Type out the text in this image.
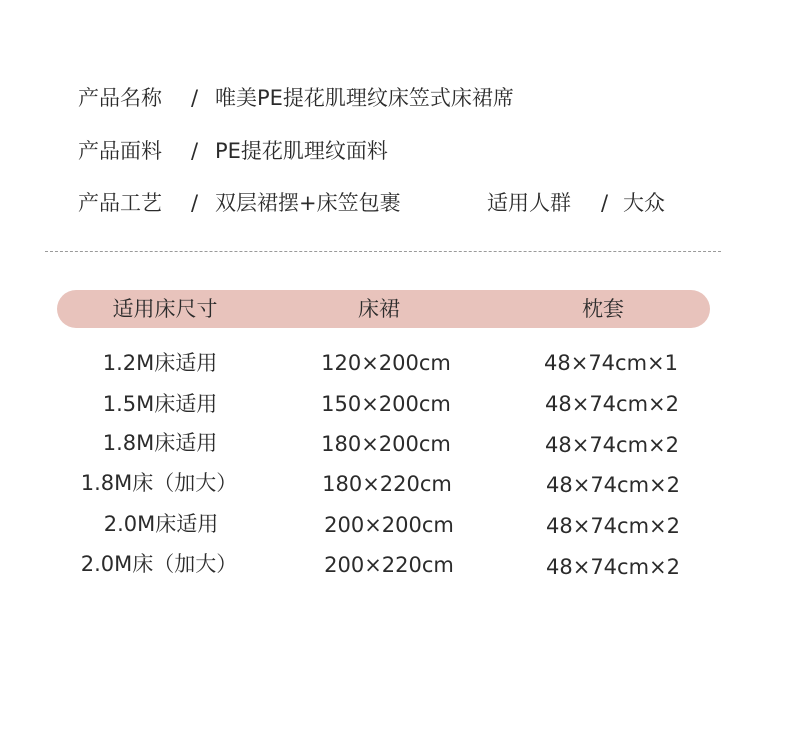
产品名称 / 唯美PE提花肌理纹床笠式床裙席
产品面料 / PE提花肌理纹面料
产品工艺 / 双层裙摆+床笠包裹	适用人群 / 大众
适用床尺寸	床裙	枕套
1.2M床适用	120×200cm	48×74cm×1
1.5M床适用	150×200cm	48×74cm×2
1.8M床适用	180×200cm	48×74cm×2
1.8M床（加大）	180×220cm	48×74cm×2
2.0M床适用	200×200cm	48×74cm×2
2.0M床（加大）	200×220cm	48×74cm×2
